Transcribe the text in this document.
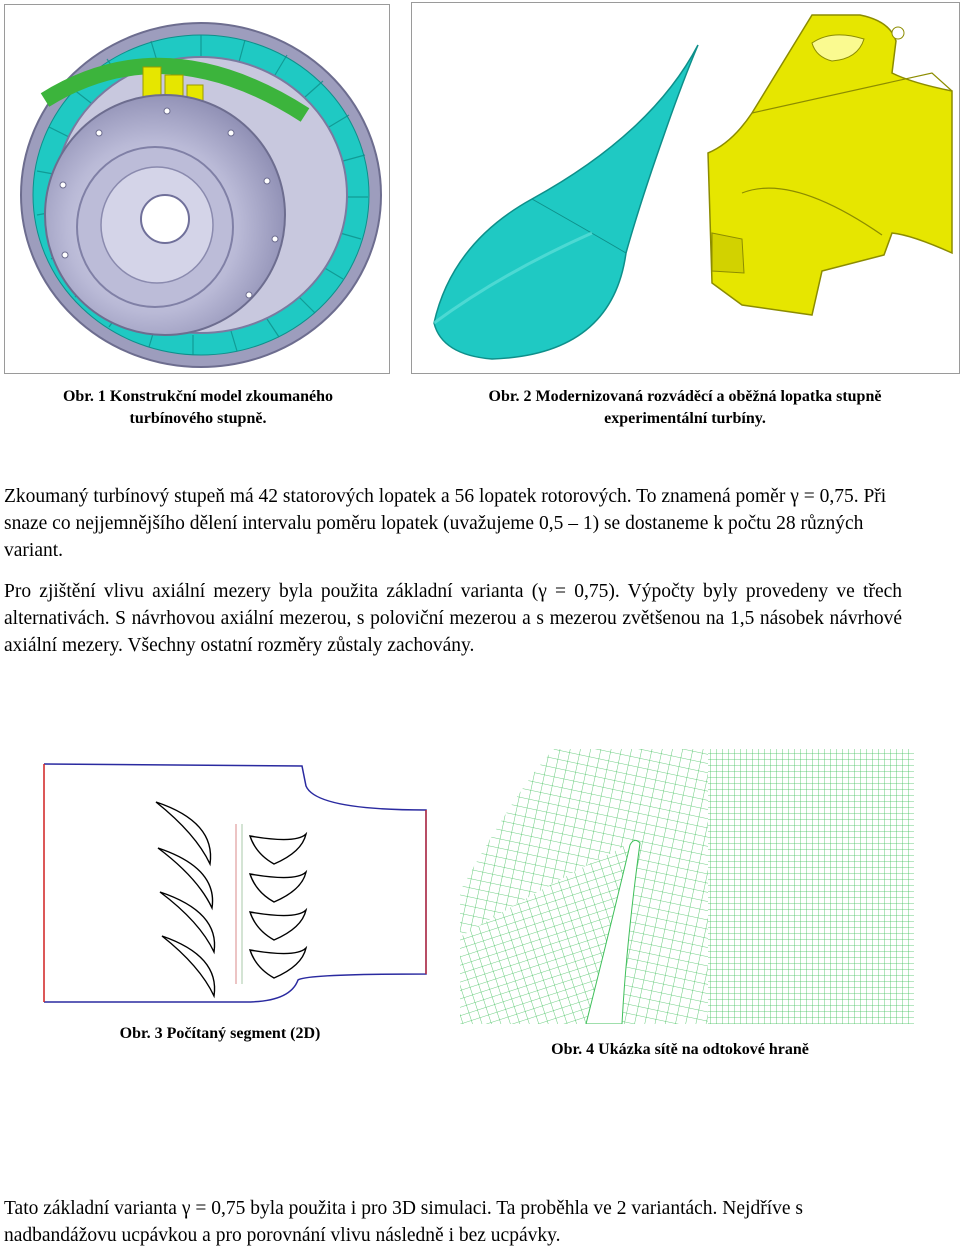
Obr. 1 Konstrukční model zkoumaného
turbínového stupně.
Obr. 2 Modernizovaná rozváděcí a oběžná lopatka stupně
experimentální turbíny.
Zkoumaný turbínový stupeň má 42 statorových lopatek a 56 lopatek rotorových. To znamená poměr γ = 0,75. Při snaze co nejjemnějšího dělení intervalu poměru lopatek (uvažujeme 0,5 – 1) se dostaneme k počtu 28 různých variant.
Pro zjištění vlivu axiální mezery byla použita základní varianta (γ = 0,75). Výpočty byly provedeny ve třech alternativách. S návrhovou axiální mezerou, s poloviční mezerou a s mezerou zvětšenou na 1,5 násobek návrhové axiální mezery. Všechny ostatní rozměry zůstaly zachovány.
Obr. 3 Počítaný segment (2D)
Obr. 4 Ukázka sítě na odtokové hraně
Tato základní varianta γ = 0,75 byla použita i pro 3D simulaci. Ta proběhla ve 2 variantách. Nejdříve s nadbandážovu ucpávkou a pro porovnání vlivu následně i bez ucpávky.
